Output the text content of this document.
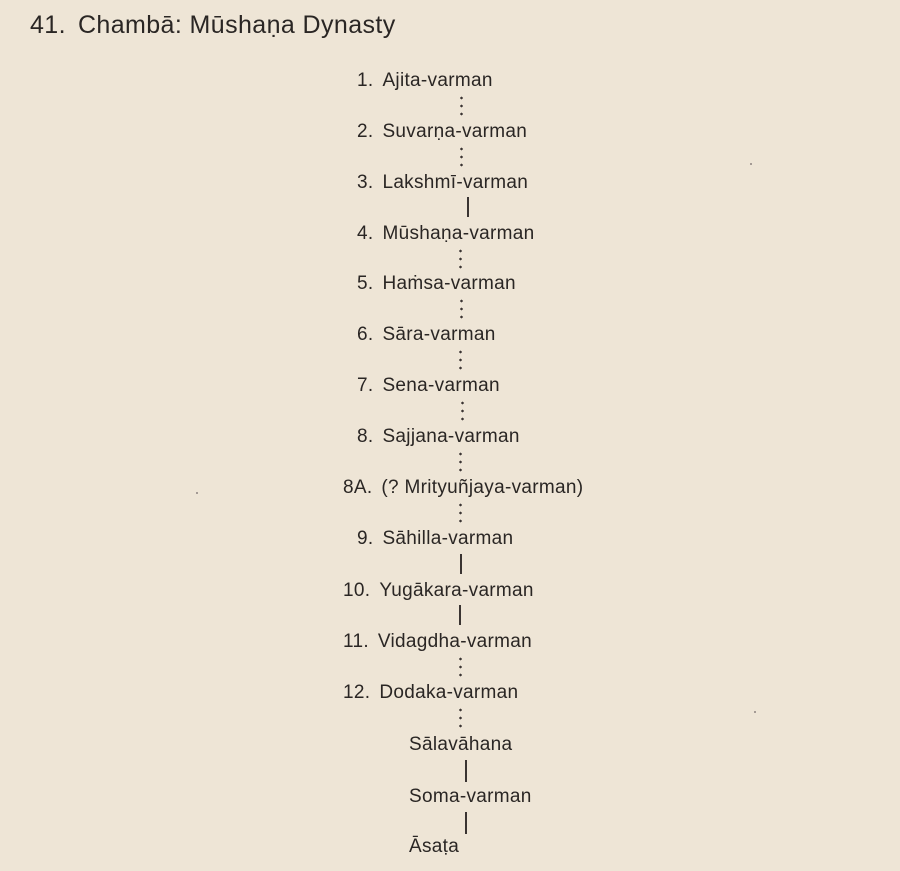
41. Chambā: Mūshaṇa Dynasty
1. Ajita-varman
2. Suvarṇa-varman
3. Lakshmī-varman
4. Mūshaṇa-varman
5. Haṁsa-varman
6. Sāra-varman
7. Sena-varman
8. Sajjana-varman
8A. (? Mrityuñjaya-varman)
9. Sāhilla-varman
10. Yugākara-varman
11. Vidagdha-varman
12. Dodaka-varman
Sālavāhana
Soma-varman
Āsaṭa
